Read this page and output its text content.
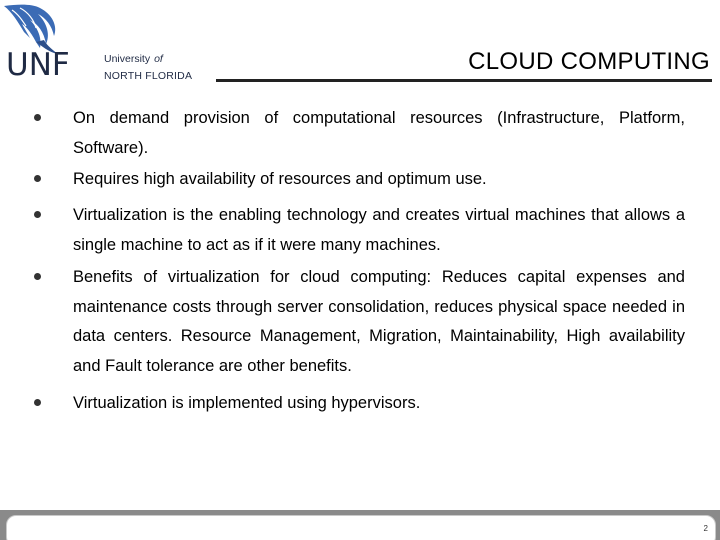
UNF	University of
NORTH FLORIDA
CLOUD COMPUTING
On demand provision of computational resources (Infrastructure, Platform, Software).
Requires high availability of resources and optimum use.
Virtualization is the enabling technology and creates virtual machines that allows a single machine to act as if it were many machines.
Benefits of virtualization for cloud computing: Reduces capital expenses and maintenance costs through server consolidation, reduces physical space needed in data centers. Resource Management, Migration, Maintainability, High availability and Fault tolerance are other benefits.
Virtualization is implemented using hypervisors.
2
